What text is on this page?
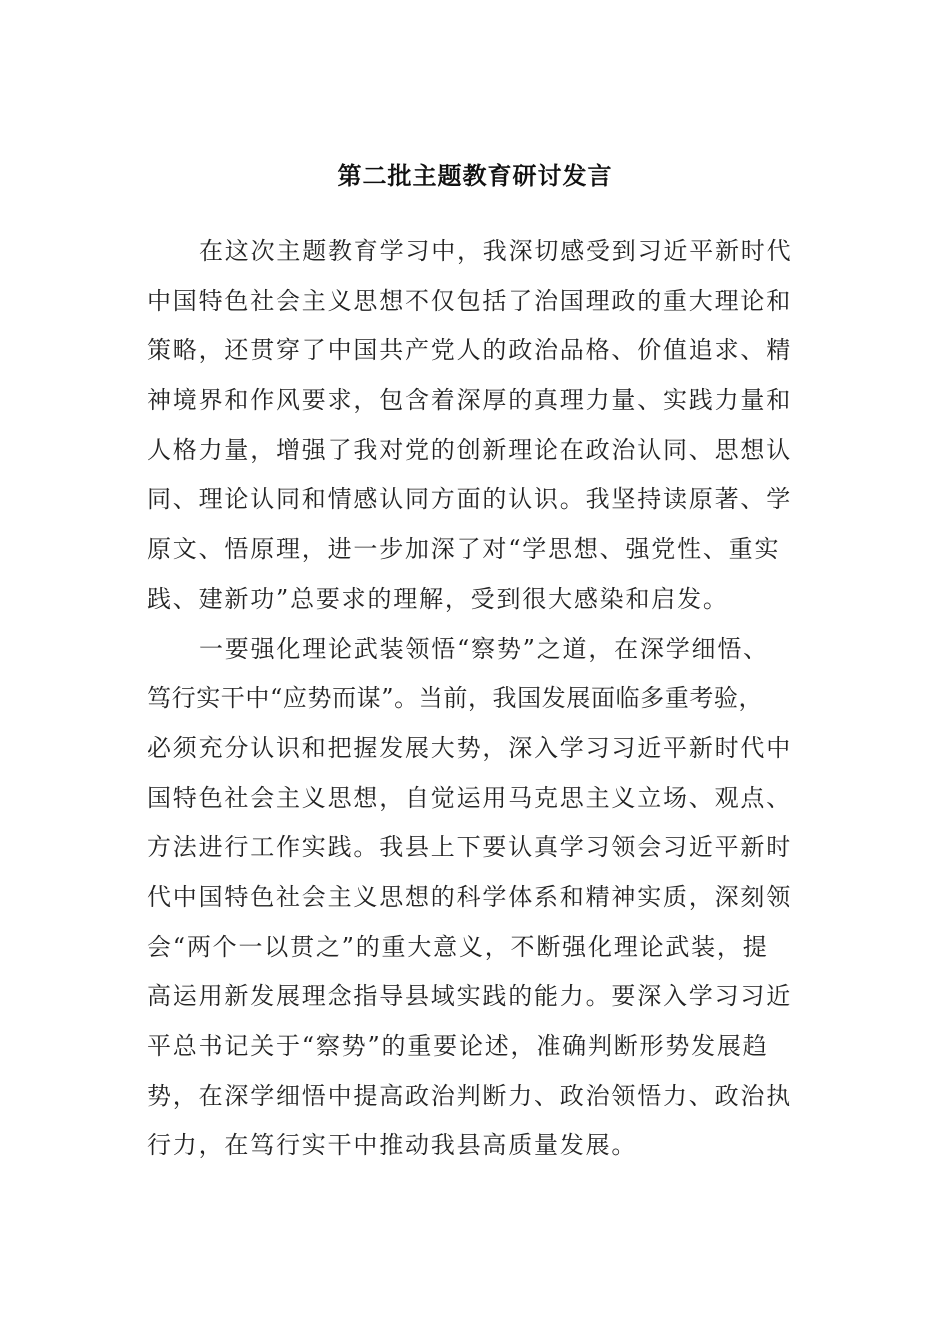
第二批主题教育研讨发言
在这次主题教育学习中，我深切感受到习近平新时代
中国特色社会主义思想不仅包括了治国理政的重大理论和
策略，还贯穿了中国共产党人的政治品格、价值追求、精
神境界和作风要求，包含着深厚的真理力量、实践力量和
人格力量，增强了我对党的创新理论在政治认同、思想认
同、理论认同和情感认同方面的认识。我坚持读原著、学
原文、悟原理，进一步加深了对“学思想、强党性、重实
践、建新功”总要求的理解，受到很大感染和启发。
一要强化理论武装领悟“察势”之道，在深学细悟、
笃行实干中“应势而谋”。当前，我国发展面临多重考验，
必须充分认识和把握发展大势，深入学习习近平新时代中
国特色社会主义思想，自觉运用马克思主义立场、观点、
方法进行工作实践。我县上下要认真学习领会习近平新时
代中国特色社会主义思想的科学体系和精神实质，深刻领
会“两个一以贯之”的重大意义，不断强化理论武装，提
高运用新发展理念指导县域实践的能力。要深入学习习近
平总书记关于“察势”的重要论述，准确判断形势发展趋
势，在深学细悟中提高政治判断力、政治领悟力、政治执
行力，在笃行实干中推动我县高质量发展。
